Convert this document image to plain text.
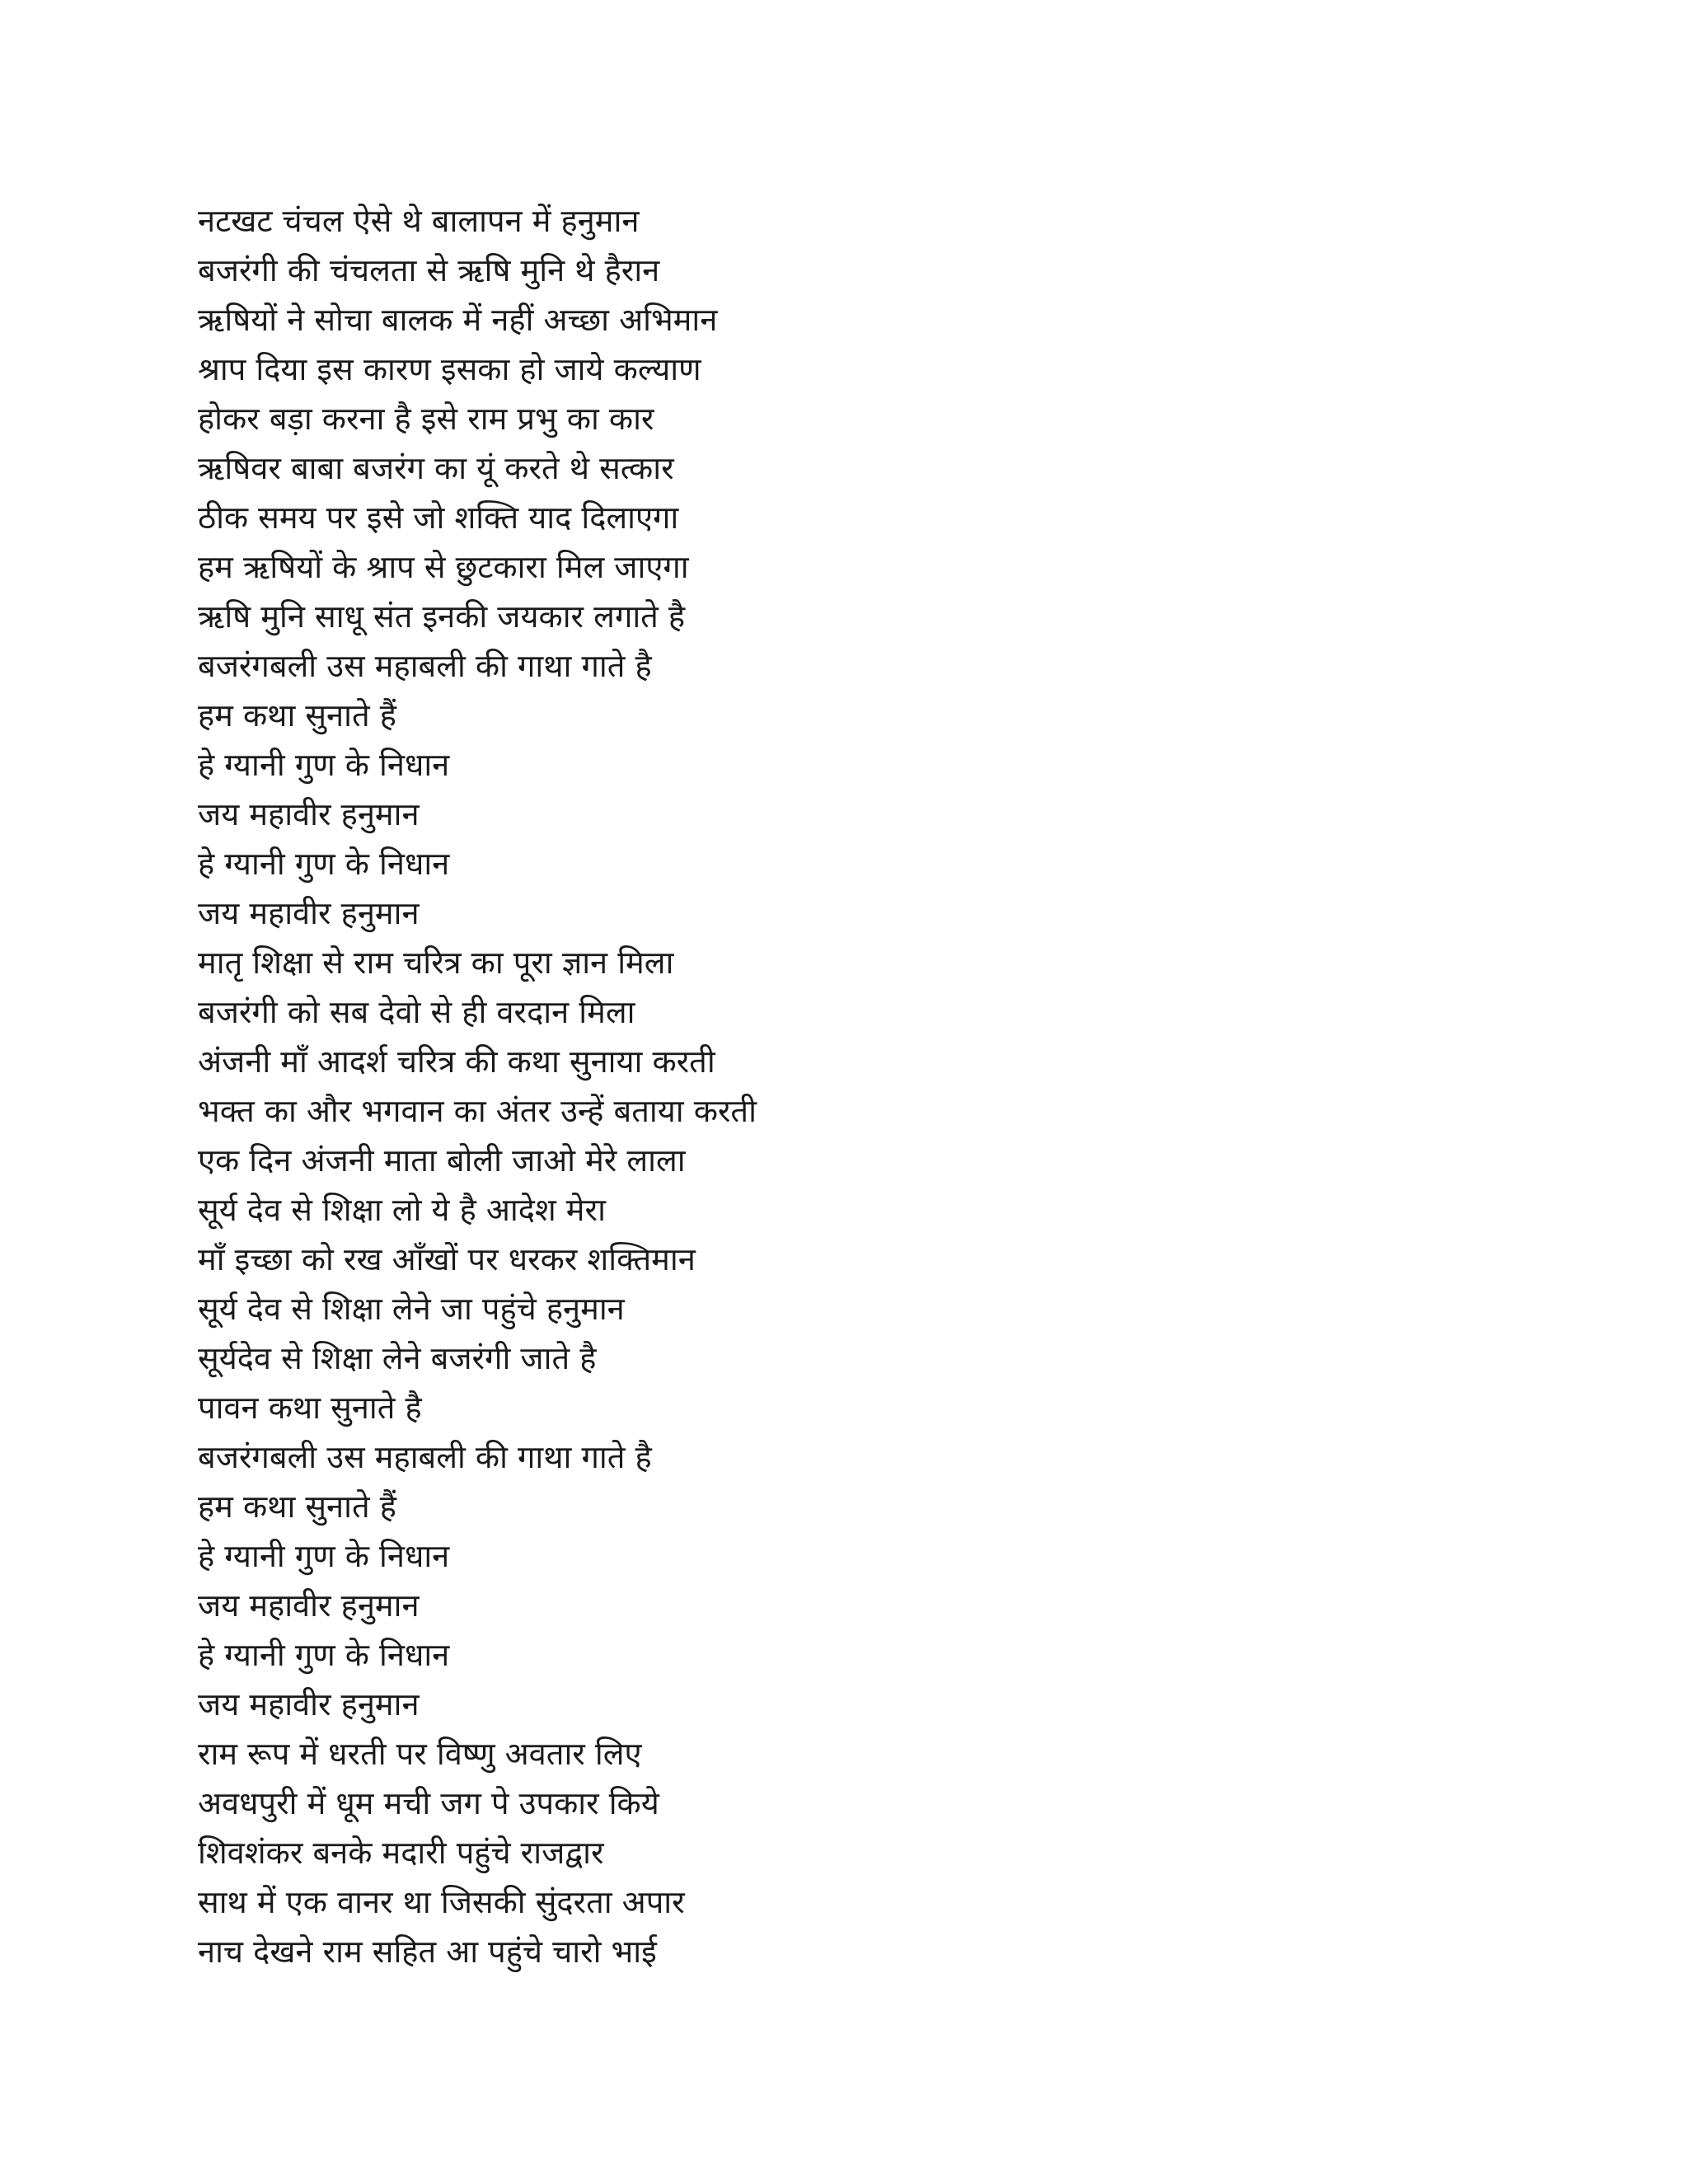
नटखट चंचल ऐसे थे बालापन में हनुमान
बजरंगी की चंचलता से ऋषि मुनि थे हैरान
ऋषियों ने सोचा बालक में नहीं अच्छा अभिमान
श्राप दिया इस कारण इसका हो जाये कल्याण
होकर बड़ा करना है इसे राम प्रभु का कार
ऋषिवर बाबा बजरंग का यूं करते थे सत्कार
ठीक समय पर इसे जो शक्ति याद दिलाएगा
हम ऋषियों के श्राप से छुटकारा मिल जाएगा
ऋषि मुनि साधू संत इनकी जयकार लगाते है
बजरंगबली उस महाबली की गाथा गाते है
हम कथा सुनाते हैं
हे ग्यानी गुण के निधान
जय महावीर हनुमान
हे ग्यानी गुण के निधान
जय महावीर हनुमान
मातृ शिक्षा से राम चरित्र का पूरा ज्ञान मिला
बजरंगी को सब देवो से ही वरदान मिला
अंजनी माँ आदर्श चरित्र की कथा सुनाया करती
भक्त का और भगवान का अंतर उन्हें बताया करती
एक दिन अंजनी माता बोली जाओ मेरे लाला
सूर्य देव से शिक्षा लो ये है आदेश मेरा
माँ इच्छा को रख आँखों पर धरकर शक्तिमान
सूर्य देव से शिक्षा लेने जा पहुंचे हनुमान
सूर्यदेव से शिक्षा लेने बजरंगी जाते है
पावन कथा सुनाते है
बजरंगबली उस महाबली की गाथा गाते है
हम कथा सुनाते हैं
हे ग्यानी गुण के निधान
जय महावीर हनुमान
हे ग्यानी गुण के निधान
जय महावीर हनुमान
राम रूप में धरती पर विष्णु अवतार लिए
अवधपुरी में धूम मची जग पे उपकार किये
शिवशंकर बनके मदारी पहुंचे राजद्वार
साथ में एक वानर था जिसकी सुंदरता अपार
नाच देखने राम सहित आ पहुंचे चारो भाई
